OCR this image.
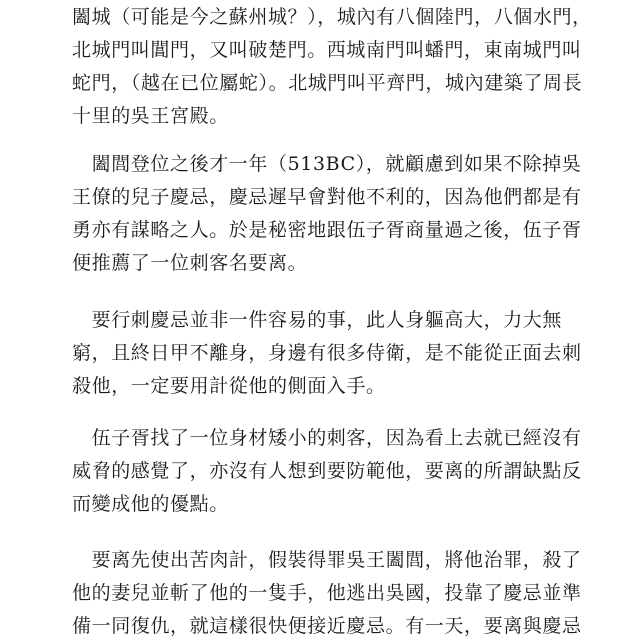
闔城（可能是今之蘇州城？），城內有八個陸門，八個水門，
北城門叫閶門，又叫破楚門。西城南門叫蟠門，東南城門叫
蛇門，（越在已位屬蛇）。北城門叫平齊門，城內建築了周長
十里的吳王宮殿。
　闔閭登位之後才一年（513BC），就顧慮到如果不除掉吳
王僚的兒子慶忌，慶忌遲早會對他不利的，因為他們都是有
勇亦有謀略之人。於是秘密地跟伍子胥商量過之後，伍子胥
便推薦了一位刺客名要离。
　要行刺慶忌並非一件容易的事，此人身軀高大，力大無
窮，且終日甲不離身，身邊有很多侍衛，是不能從正面去刺
殺他，一定要用計從他的側面入手。
　伍子胥找了一位身材矮小的刺客，因為看上去就已經沒有
威脅的感覺了，亦沒有人想到要防範他，要离的所謂缺點反
而變成他的優點。
　要离先使出苦肉計，假裝得罪吳王闔閭，將他治罪，殺了
他的妻兒並斬了他的一隻手，他逃出吳國，投靠了慶忌並準
備一同復仇，就這樣很快便接近慶忌。有一天，要离與慶忌
